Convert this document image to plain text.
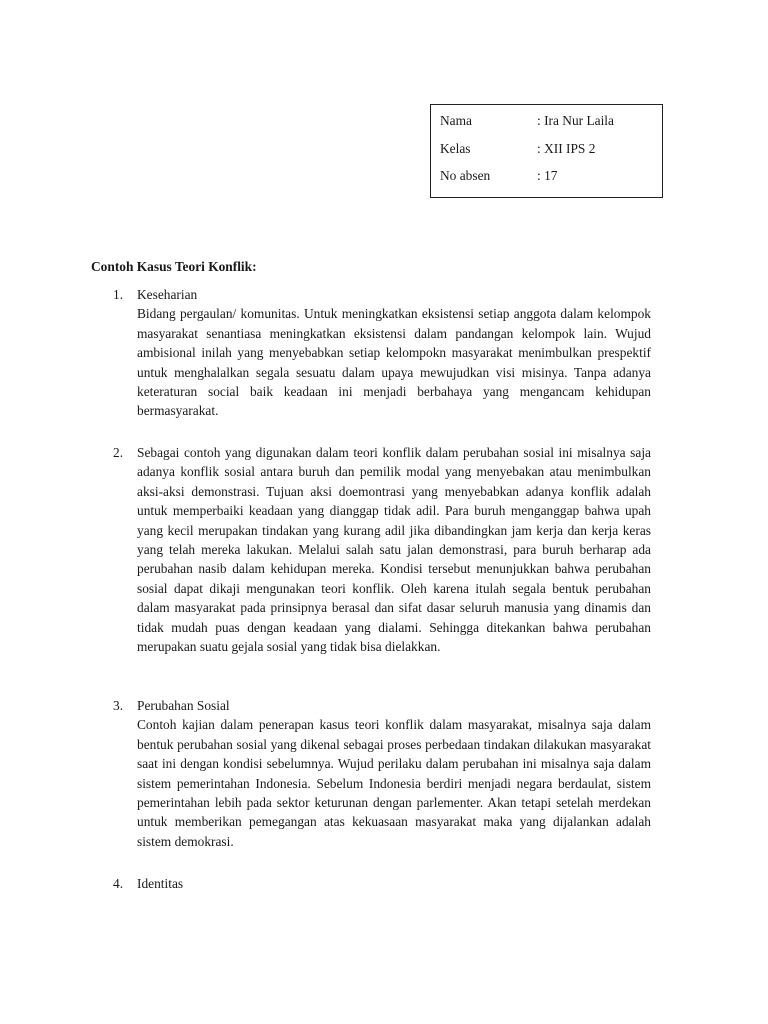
Nama	: Ira Nur Laila
Kelas	: XII IPS 2
No absen	: 17
Contoh Kasus Teori Konflik:
1. Keseharian
Bidang pergaulan/ komunitas. Untuk meningkatkan eksistensi setiap anggota dalam kelompok masyarakat senantiasa meningkatkan eksistensi dalam pandangan kelompok lain. Wujud ambisional inilah yang menyebabkan setiap kelompokn masyarakat menimbulkan prespektif untuk menghalalkan segala sesuatu dalam upaya mewujudkan visi misinya. Tanpa adanya keteraturan social baik keadaan ini menjadi berbahaya yang mengancam kehidupan bermasyarakat.
2. Sebagai contoh yang digunakan dalam teori konflik dalam perubahan sosial ini misalnya saja adanya konflik sosial antara buruh dan pemilik modal yang menyebakan atau menimbulkan aksi-aksi demonstrasi. Tujuan aksi doemontrasi yang menyebabkan adanya konflik adalah untuk memperbaiki keadaan yang dianggap tidak adil. Para buruh menganggap bahwa upah yang kecil merupakan tindakan yang kurang adil jika dibandingkan jam kerja dan kerja keras yang telah mereka lakukan. Melalui salah satu jalan demonstrasi, para buruh berharap ada perubahan nasib dalam kehidupan mereka. Kondisi tersebut menunjukkan bahwa perubahan sosial dapat dikaji mengunakan teori konflik. Oleh karena itulah segala bentuk perubahan dalam masyarakat pada prinsipnya berasal dan sifat dasar seluruh manusia yang dinamis dan tidak mudah puas dengan keadaan yang dialami. Sehingga ditekankan bahwa perubahan merupakan suatu gejala sosial yang tidak bisa dielakkan.
3. Perubahan Sosial
Contoh kajian dalam penerapan kasus teori konflik dalam masyarakat, misalnya saja dalam bentuk perubahan sosial yang dikenal sebagai proses perbedaan tindakan dilakukan masyarakat saat ini dengan kondisi sebelumnya. Wujud perilaku dalam perubahan ini misalnya saja dalam sistem pemerintahan Indonesia. Sebelum Indonesia berdiri menjadi negara berdaulat, sistem pemerintahan lebih pada sektor keturunan dengan parlementer. Akan tetapi setelah merdekan untuk memberikan pemegangan atas kekuasaan masyarakat maka yang dijalankan adalah sistem demokrasi.
4. Identitas
